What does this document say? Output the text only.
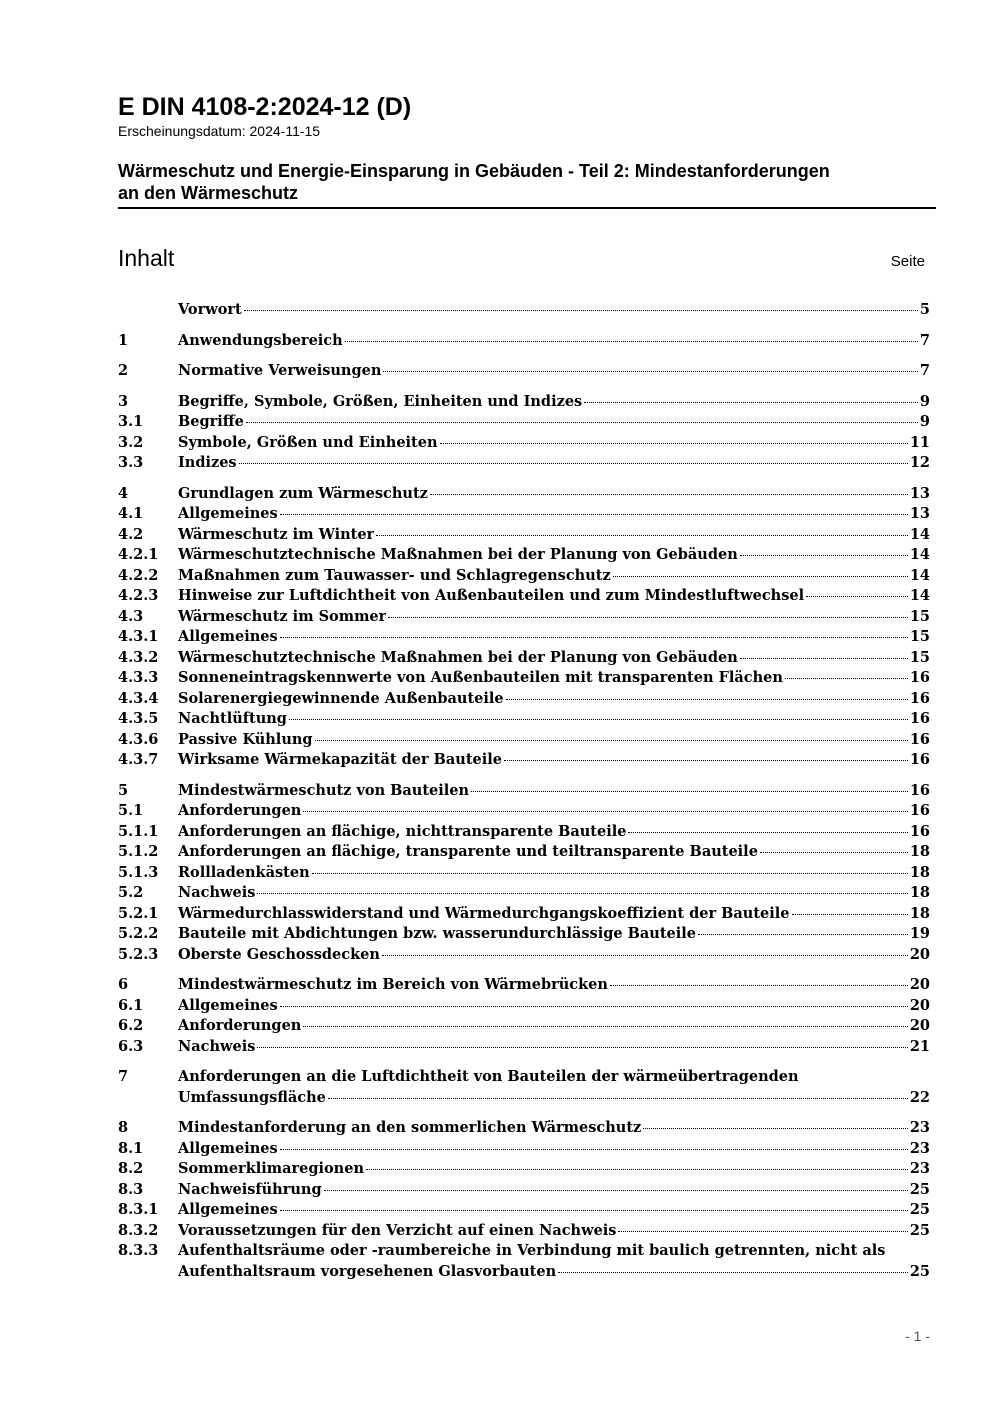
E DIN 4108-2:2024-12 (D)
Erscheinungsdatum: 2024-11-15
Wärmeschutz und Energie-Einsparung in Gebäuden - Teil 2: Mindestanforderungen
an den Wärmeschutz
Inhalt	Seite
Vorwort	5
1	Anwendungsbereich	7
2	Normative Verweisungen	7
3	Begriffe, Symbole, Größen, Einheiten und Indizes	9
3.1	Begriffe	9
3.2	Symbole, Größen und Einheiten	11
3.3	Indizes	12
4	Grundlagen zum Wärmeschutz	13
4.1	Allgemeines	13
4.2	Wärmeschutz im Winter	14
4.2.1	Wärmeschutztechnische Maßnahmen bei der Planung von Gebäuden	14
4.2.2	Maßnahmen zum Tauwasser- und Schlagregenschutz	14
4.2.3	Hinweise zur Luftdichtheit von Außenbauteilen und zum Mindestluftwechsel	14
4.3	Wärmeschutz im Sommer	15
4.3.1	Allgemeines	15
4.3.2	Wärmeschutztechnische Maßnahmen bei der Planung von Gebäuden	15
4.3.3	Sonneneintragskennwerte von Außenbauteilen mit transparenten Flächen	16
4.3.4	Solarenergiegewinnende Außenbauteile	16
4.3.5	Nachtlüftung	16
4.3.6	Passive Kühlung	16
4.3.7	Wirksame Wärmekapazität der Bauteile	16
5	Mindestwärmeschutz von Bauteilen	16
5.1	Anforderungen	16
5.1.1	Anforderungen an flächige, nichttransparente Bauteile	16
5.1.2	Anforderungen an flächige, transparente und teiltransparente Bauteile	18
5.1.3	Rollladenkästen	18
5.2	Nachweis	18
5.2.1	Wärmedurchlasswiderstand und Wärmedurchgangskoeffizient der Bauteile	18
5.2.2	Bauteile mit Abdichtungen bzw. wasserundurchlässige Bauteile	19
5.2.3	Oberste Geschossdecken	20
6	Mindestwärmeschutz im Bereich von Wärmebrücken	20
6.1	Allgemeines	20
6.2	Anforderungen	20
6.3	Nachweis	21
7	Anforderungen an die Luftdichtheit von Bauteilen der wärmeübertragenden
Umfassungsfläche	22
8	Mindestanforderung an den sommerlichen Wärmeschutz	23
8.1	Allgemeines	23
8.2	Sommerklimaregionen	23
8.3	Nachweisführung	25
8.3.1	Allgemeines	25
8.3.2	Voraussetzungen für den Verzicht auf einen Nachweis	25
8.3.3	Aufenthaltsräume oder -raumbereiche in Verbindung mit baulich getrennten, nicht als
Aufenthaltsraum vorgesehenen Glasvorbauten	25
- 1 -
